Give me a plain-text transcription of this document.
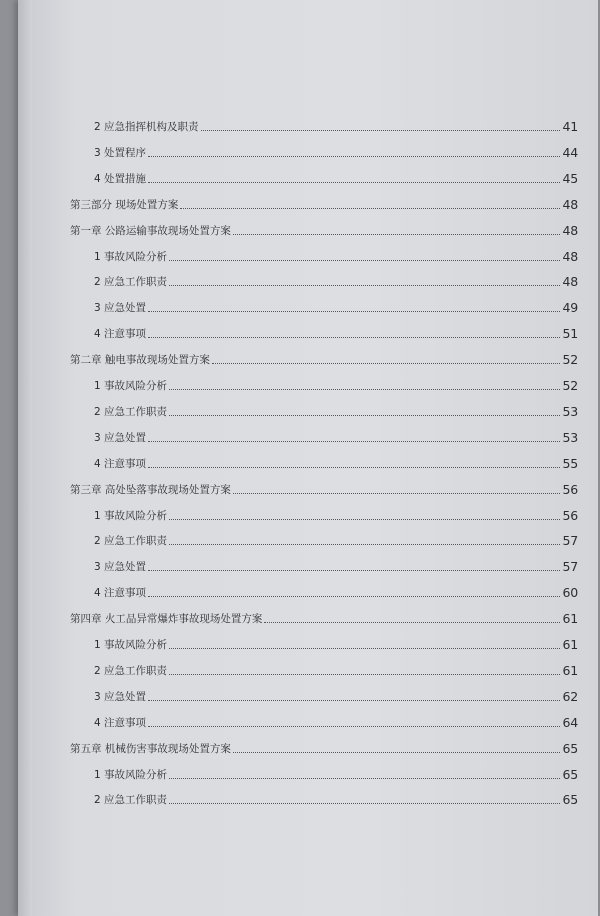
2 应急指挥机构及职责	41
3 处置程序	44
4 处置措施	45
第三部分 现场处置方案	48
第一章 公路运输事故现场处置方案	48
1 事故风险分析	48
2 应急工作职责	48
3 应急处置	49
4 注意事项	51
第二章 触电事故现场处置方案	52
1 事故风险分析	52
2 应急工作职责	53
3 应急处置	53
4 注意事项	55
第三章 高处坠落事故现场处置方案	56
1 事故风险分析	56
2 应急工作职责	57
3 应急处置	57
4 注意事项	60
第四章 火工品异常爆炸事故现场处置方案	61
1 事故风险分析	61
2 应急工作职责	61
3 应急处置	62
4 注意事项	64
第五章 机械伤害事故现场处置方案	65
1 事故风险分析	65
2 应急工作职责	65
